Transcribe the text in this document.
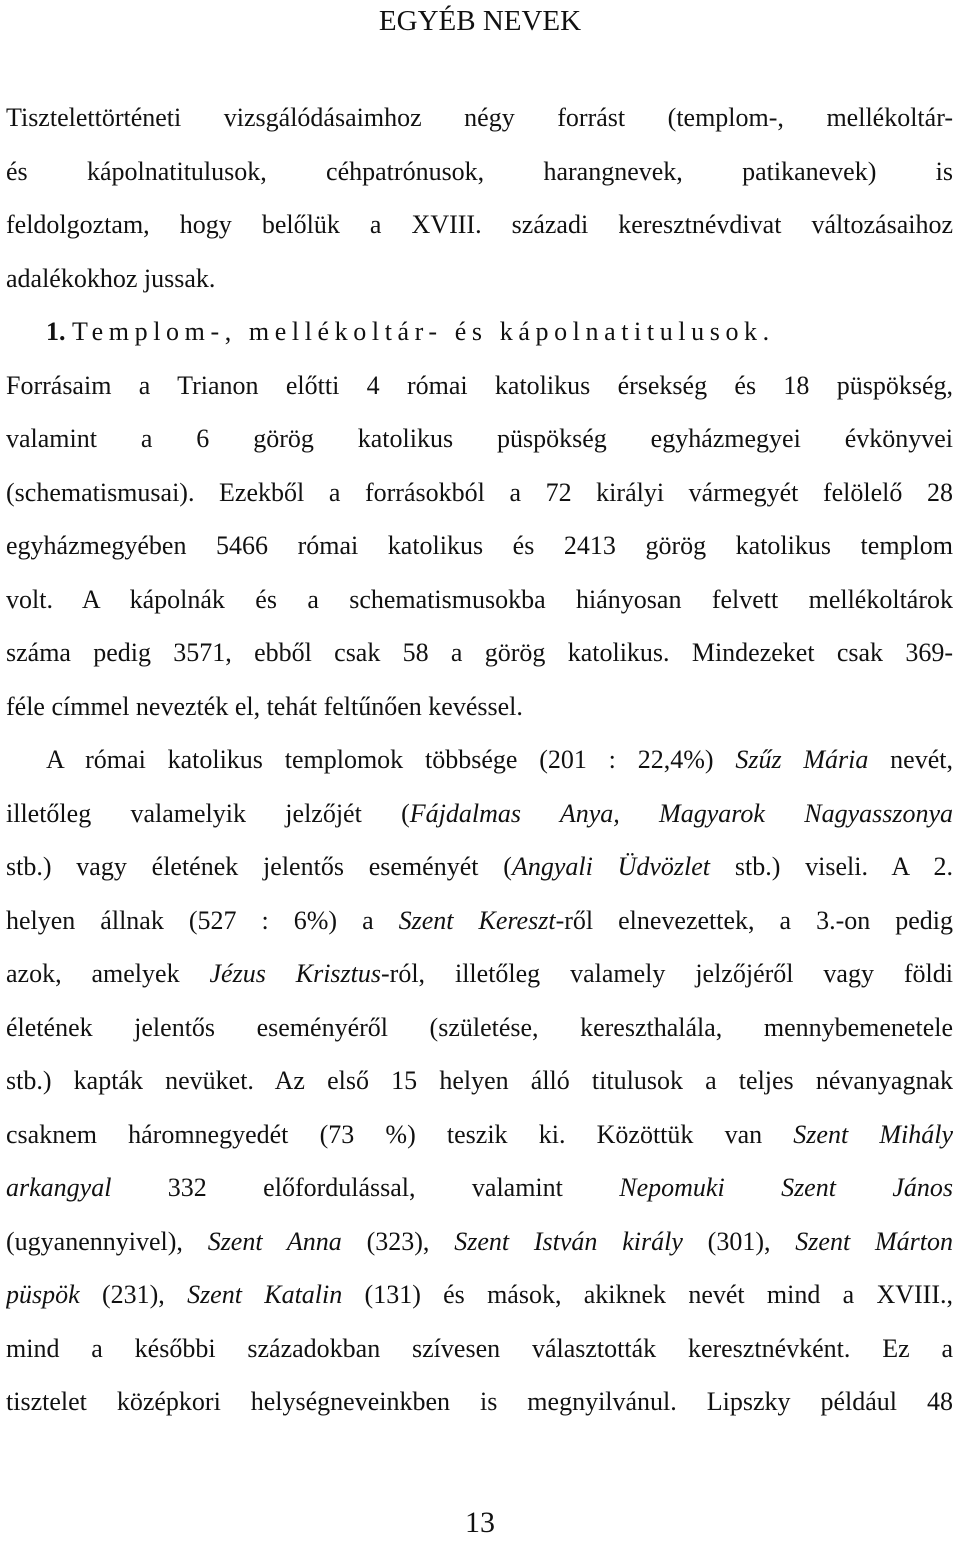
EGYÉB NEVEK
Tisztelettörténeti vizsgálódásaimhoz négy forrást (templom-, mellékoltár-
és kápolnatitulusok, céhpatrónusok, harangnevek, patikanevek) is
feldolgoztam, hogy belőlük a XVIII. századi keresztnévdivat változásaihoz
adalékokhoz jussak.
1. Templom-, mellékoltár- és kápolnatitulusok.
Forrásaim a Trianon előtti 4 római katolikus érsekség és 18 püspökség,
valamint a 6 görög katolikus püspökség egyházmegyei évkönyvei
(schematismusai). Ezekből a forrásokból a 72 királyi vármegyét felölelő 28
egyházmegyében 5466 római katolikus és 2413 görög katolikus templom
volt. A kápolnák és a schematismusokba hiányosan felvett mellékoltárok
száma pedig 3571, ebből csak 58 a görög katolikus. Mindezeket csak 369-
féle címmel nevezték el, tehát feltűnően kevéssel.
A római katolikus templomok többsége (201 : 22,4%) Szűz Mária nevét,
illetőleg valamelyik jelzőjét (Fájdalmas Anya, Magyarok Nagyasszonya
stb.) vagy életének jelentős eseményét (Angyali Üdvözlet stb.) viseli. A 2.
helyen állnak (527 : 6%) a Szent Kereszt-ről elnevezettek, a 3.-on pedig
azok, amelyek Jézus Krisztus-ról, illetőleg valamely jelzőjéről vagy földi
életének jelentős eseményéről (születése, kereszthalála, mennybemenetele
stb.) kapták nevüket. Az első 15 helyen álló titulusok a teljes névanyagnak
csaknem háromnegyedét (73 %) teszik ki. Közöttük van Szent Mihály
arkangyal 332 előfordulással, valamint Nepomuki Szent János
(ugyanennyivel), Szent Anna (323), Szent István király (301), Szent Márton
püspök (231), Szent Katalin (131) és mások, akiknek nevét mind a XVIII.,
mind a későbbi századokban szívesen választották keresztnévként. Ez a
tisztelet középkori helységneveinkben is megnyilvánul. Lipszky például 48
13
